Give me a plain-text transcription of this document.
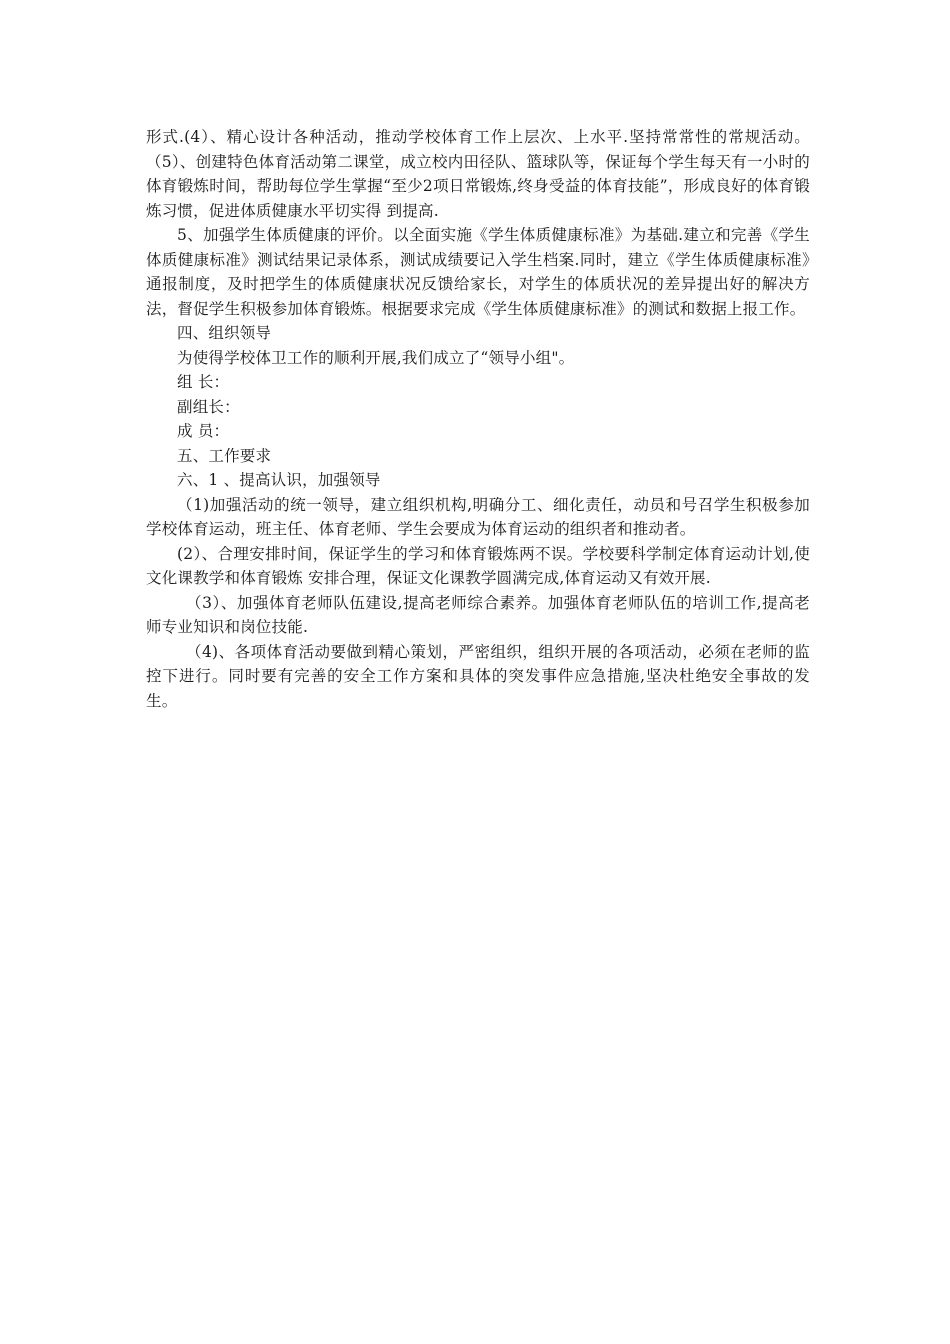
形式.(4）、精心设计各种活动，推动学校体育工作上层次、上水平.坚持常常性的常规活动。（5）、创建特色体育活动第二课堂，成立校内田径队、篮球队等，保证每个学生每天有一小时的体育锻炼时间，帮助每位学生掌握“至少2项日常锻炼,终身受益的体育技能”，形成良好的体育锻炼习惯，促进体质健康水平切实得 到提高.

5、加强学生体质健康的评价。以全面实施《学生体质健康标准》为基础.建立和完善《学生体质健康标准》测试结果记录体系，测试成绩要记入学生档案.同时，建立《学生体质健康标准》通报制度，及时把学生的体质健康状况反馈给家长，对学生的体质状况的差异提出好的解决方法，督促学生积极参加体育锻炼。根据要求完成《学生体质健康标准》的测试和数据上报工作。

四、组织领导

为使得学校体卫工作的顺利开展,我们成立了“领导小组"。

组 长：

副组长：

成 员：

五、工作要求

六、1 、提高认识，加强领导

（1)加强活动的统一领导，建立组织机构,明确分工、细化责任，动员和号召学生积极参加学校体育运动，班主任、体育老师、学生会要成为体育运动的组织者和推动者。

(2）、合理安排时间，保证学生的学习和体育锻炼两不误。学校要科学制定体育运动计划,使文化课教学和体育锻炼 安排合理，保证文化课教学圆满完成,体育运动又有效开展.

（3）、加强体育老师队伍建设,提高老师综合素养。加强体育老师队伍的培训工作,提高老师专业知识和岗位技能.

（4)、各项体育活动要做到精心策划，严密组织，组织开展的各项活动，必须在老师的监控下进行。同时要有完善的安全工作方案和具体的突发事件应急措施,坚决杜绝安全事故的发生。
